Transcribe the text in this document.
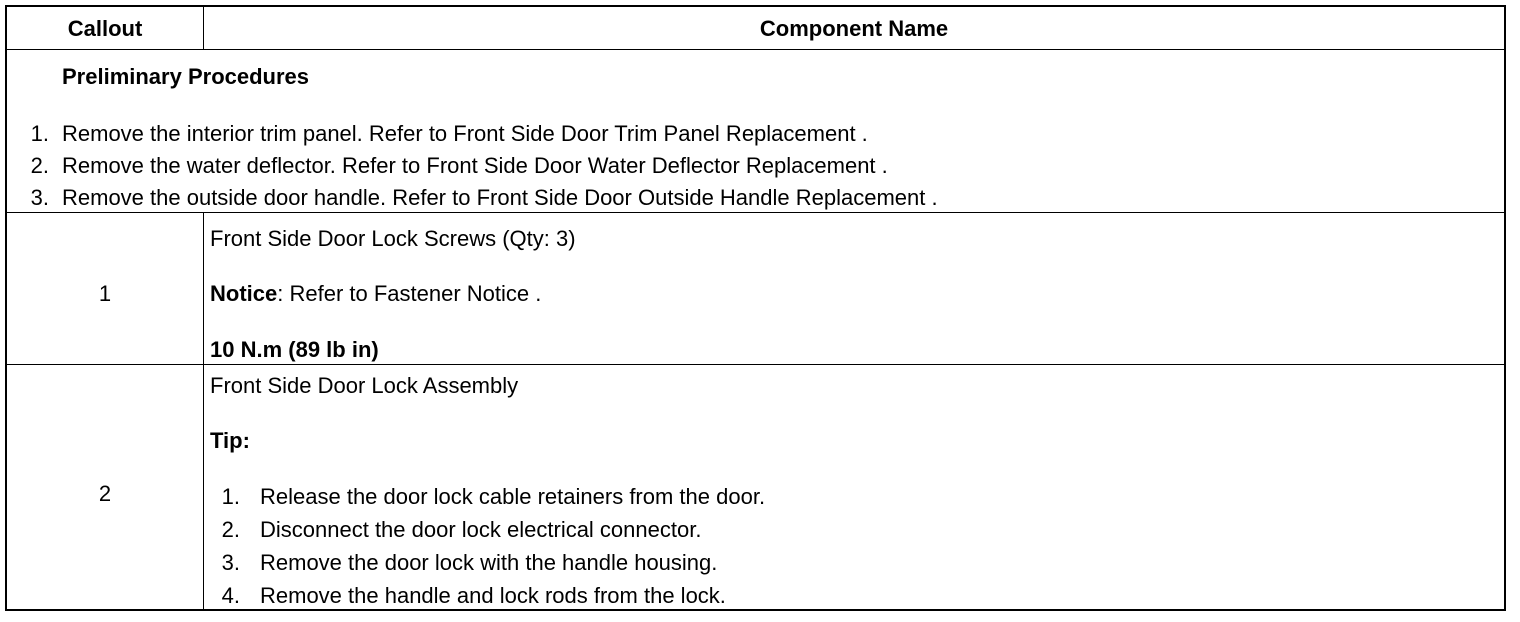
Callout	Component Name
Preliminary Procedures
1. Remove the interior trim panel. Refer to Front Side Door Trim Panel Replacement .
2. Remove the water deflector. Refer to Front Side Door Water Deflector Replacement .
3. Remove the outside door handle. Refer to Front Side Door Outside Handle Replacement .
1
Front Side Door Lock Screws (Qty: 3)
Notice: Refer to Fastener Notice .
10 N.m (89 lb in)
2
Front Side Door Lock Assembly
Tip:
1. Release the door lock cable retainers from the door.
2. Disconnect the door lock electrical connector.
3. Remove the door lock with the handle housing.
4. Remove the handle and lock rods from the lock.
